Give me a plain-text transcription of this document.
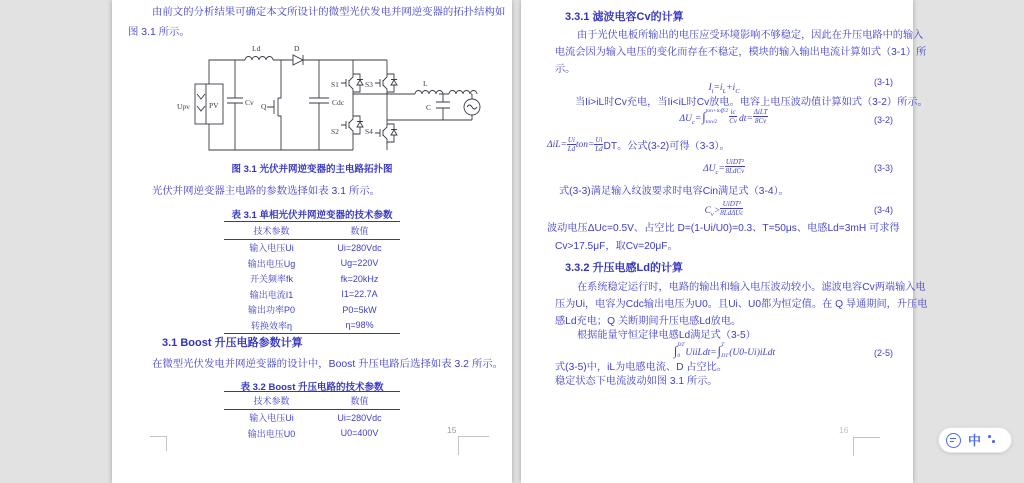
由前文的分析结果可确定本文所设计的微型光伏发电并网逆变器的拓扑结构如
图 3.1 所示。
Upv	PV	Cv
Ld
Q
D
Cdc
S1	S3
S2	S4
L
C
图 3.1 光伏并网逆变器的主电路拓扑图
光伏并网逆变器主电路的参数选择如表 3.1 所示。
表 3.1 单相光伏并网逆变器的技术参数
技术参数	数值
输入电压Ui	Ui=280Vdc
输出电压Ug	Ug=220V
开关频率fk	fk=20kHz
输出电流I1	I1=22.7A
输出功率P0	P0=5kW
转换效率η	η=98%
3.1 Boost 升压电路参数计算
在微型光伏发电并网逆变器的设计中，Boost 升压电路后选择如表 3.2 所示。
表 3.2 Boost 升压电路的技术参数
技术参数	数值
输入电压Ui	Ui=280Vdc
输出电压U0	U0=400V	15
3.3.1 滤波电容Cv的计算
由于光伏电板所输出的电压应受环境影响不够稳定，因此在升压电路中的输入
电流会因为输入电压的变化而存在不稳定，模块的输入输出电流计算如式（3-1）所
示。
$I_i=i_L+i_C$
(3-1)
当Ii>iL时Cv充电，当Ii<iL时Cv放电。电容上电压波动值计算如式（3-2）所示。
$\Delta U_c=$ ∫ ton+toff/2
ton/2	$\frac{ic}{Cv} dt=$
ΔiLT
8Cv	(3-2)
$\Delta iL= \frac{Ui}{Ld} ton= \frac{Ui}{Ld}$ DT。公式(3-2)可得（3-3）。
$\Delta U_c=$
UiDT²
8LdCv	(3-3)
式(3-3)满足输入纹波要求时电容Cin满足式（3-4）。
$C_v>$
UiDT²
8LdΔUc	(3-4)
波动电压ΔUc=0.5V、占空比 D=(1-Ui/U0)=0.3、T=50μs、电感Ld=3mH 可求得
Cv>17.5μF，取Cv=20μF。
3.3.2 升压电感Ld的计算
在系统稳定运行时，电路的输出和输入电压波动较小。滤波电容Cv两端输入电
压为Ui，电容为Cdc输出电压为U0。且Ui、U0都为恒定值。在 Q 导通期间，升压电
感Ld充电；Q 关断期间升压电感Ld放电。
根据能量守恒定律电感Ld满足式（3-5）
∫ DT
0 UiiLdt= ∫ T
DT (U0-Ui)iLdt	(2-5)
式(3-5)中，iL为电感电流、D 占空比。
稳定状态下电流波动如图 3.1 所示。
16
中
